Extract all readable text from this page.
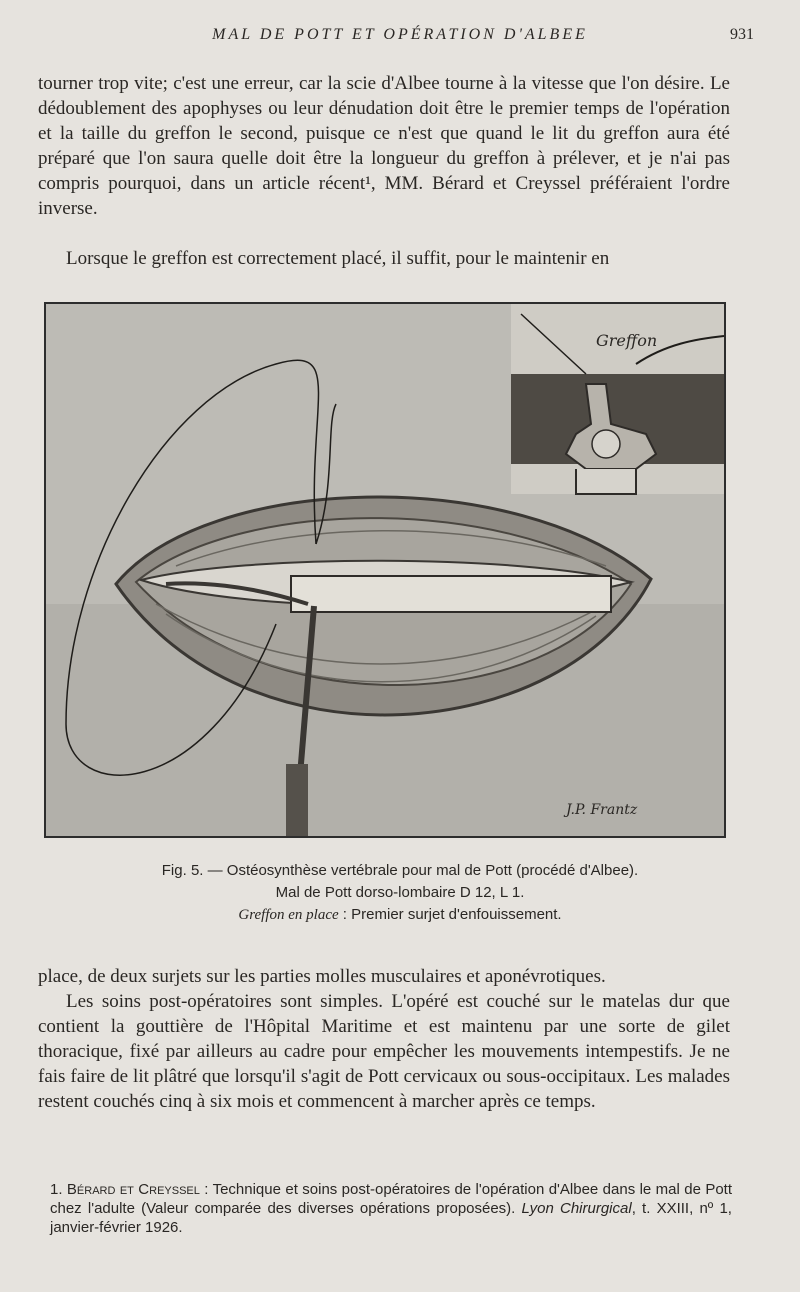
MAL DE POTT ET OPÉRATION D'ALBEE	931

tourner trop vite; c'est une erreur, car la scie d'Albee tourne à la vitesse que l'on désire. Le dédoublement des apophyses ou leur dénudation doit être le premier temps de l'opération et la taille du greffon le second, puisque ce n'est que quand le lit du greffon aura été préparé que l'on saura quelle doit être la longueur du greffon à prélever, et je n'ai pas compris pourquoi, dans un article récent¹, MM. Bérard et Creyssel préféraient l'ordre inverse.

Lorsque le greffon est correctement placé, il suffit, pour le maintenir en

Greffon
J.P. Frantz
Fig. 5. — Ostéosynthèse vertébrale pour mal de Pott (procédé d'Albee).
Mal de Pott dorso-lombaire D 12, L 1.
Greffon en place : Premier surjet d'enfouissement.

place, de deux surjets sur les parties molles musculaires et aponévrotiques.

Les soins post-opératoires sont simples. L'opéré est couché sur le matelas dur que contient la gouttière de l'Hôpital Maritime et est maintenu par une sorte de gilet thoracique, fixé par ailleurs au cadre pour empêcher les mouvements intempestifs. Je ne fais faire de lit plâtré que lorsqu'il s'agit de Pott cervicaux ou sous-occipitaux. Les malades restent couchés cinq à six mois et commencent à marcher après ce temps.

1. Bérard et Creyssel : Technique et soins post-opératoires de l'opération d'Albee dans le mal de Pott chez l'adulte (Valeur comparée des diverses opérations proposées). Lyon Chirurgical, t. XXIII, nº 1, janvier-février 1926.
